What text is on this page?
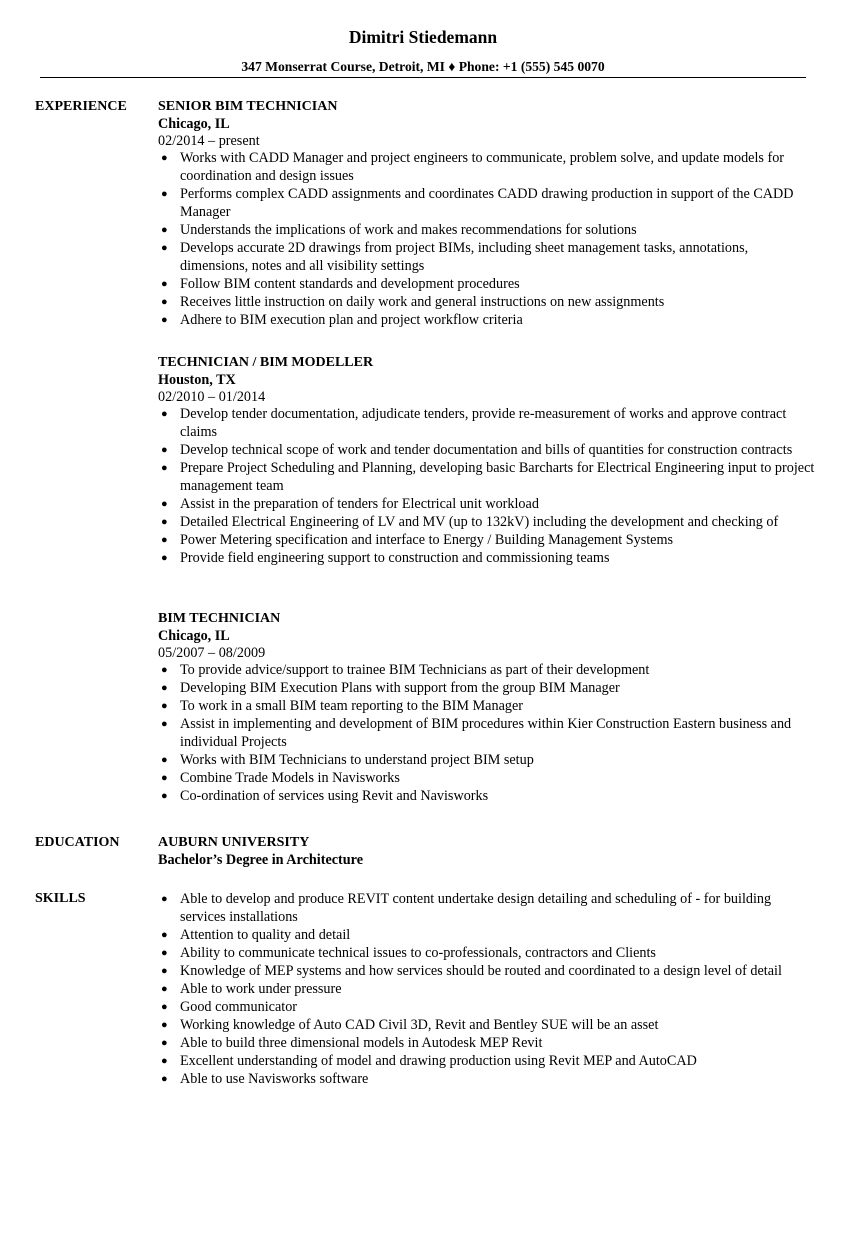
Dimitri Stiedemann
347 Monserrat Course, Detroit, MI ♦ Phone: +1 (555) 545 0070
EXPERIENCE SENIOR BIM TECHNICIAN
Chicago, IL
02/2014 – present
● Works with CADD Manager and project engineers to communicate, problem solve, and update models for coordination and design issues
● Performs complex CADD assignments and coordinates CADD drawing production in support of the CADD Manager
● Understands the implications of work and makes recommendations for solutions
● Develops accurate 2D drawings from project BIMs, including sheet management tasks, annotations, dimensions, notes and all visibility settings
● Follow BIM content standards and development procedures
● Receives little instruction on daily work and general instructions on new assignments
● Adhere to BIM execution plan and project workflow criteria
TECHNICIAN / BIM MODELLER
Houston, TX
02/2010 – 01/2014
● Develop tender documentation, adjudicate tenders, provide re-measurement of works and approve contract claims
● Develop technical scope of work and tender documentation and bills of quantities for construction contracts
● Prepare Project Scheduling and Planning, developing basic Barcharts for Electrical Engineering input to project management team
● Assist in the preparation of tenders for Electrical unit workload
● Detailed Electrical Engineering of LV and MV (up to 132kV) including the development and checking of
● Power Metering specification and interface to Energy / Building Management Systems
● Provide field engineering support to construction and commissioning teams
BIM TECHNICIAN
Chicago, IL
05/2007 – 08/2009
● To provide advice/support to trainee BIM Technicians as part of their development
● Developing BIM Execution Plans with support from the group BIM Manager
● To work in a small BIM team reporting to the BIM Manager
● Assist in implementing and development of BIM procedures within Kier Construction Eastern business and individual Projects
● Works with BIM Technicians to understand project BIM setup
● Combine Trade Models in Navisworks
● Co-ordination of services using Revit and Navisworks
EDUCATION	AUBURN UNIVERSITY
Bachelor’s Degree in Architecture
SKILLS	● Able to develop and produce REVIT content undertake design detailing and scheduling of - for building services installations
● Attention to quality and detail
● Ability to communicate technical issues to co-professionals, contractors and Clients
● Knowledge of MEP systems and how services should be routed and coordinated to a design level of detail
● Able to work under pressure
● Good communicator
● Working knowledge of Auto CAD Civil 3D, Revit and Bentley SUE will be an asset
● Able to build three dimensional models in Autodesk MEP Revit
● Excellent understanding of model and drawing production using Revit MEP and AutoCAD
● Able to use Navisworks software
